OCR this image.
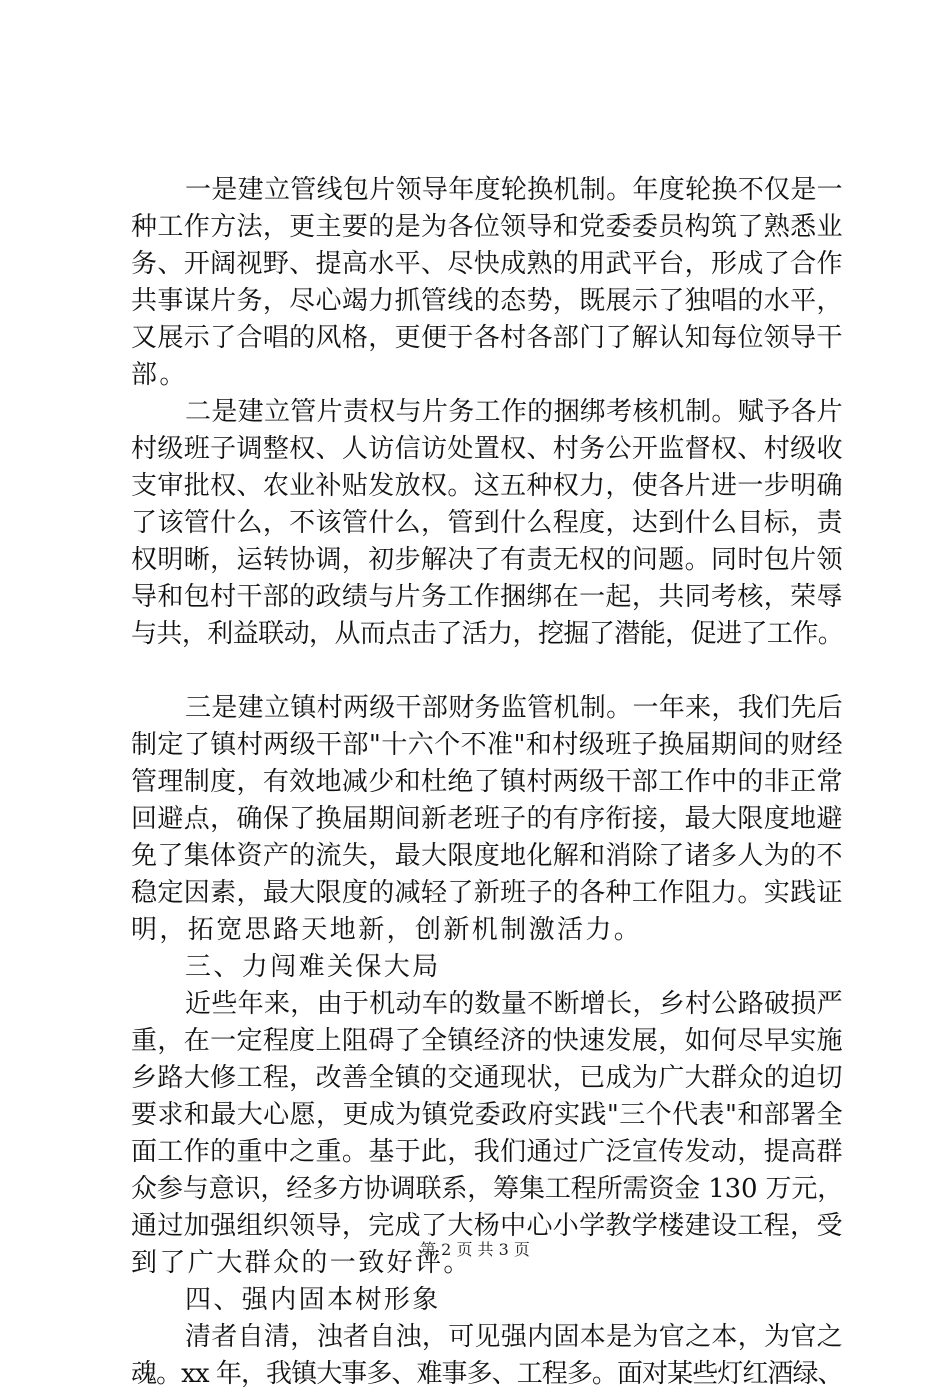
一是建立管线包片领导年度轮换机制。年度轮换不仅是一
种工作方法，更主要的是为各位领导和党委委员构筑了熟悉业
务、开阔视野、提高水平、尽快成熟的用武平台，形成了合作
共事谋片务，尽心竭力抓管线的态势，既展示了独唱的水平，
又展示了合唱的风格，更便于各村各部门了解认知每位领导干
部。
二是建立管片责权与片务工作的捆绑考核机制。赋予各片
村级班子调整权、人访信访处置权、村务公开监督权、村级收
支审批权、农业补贴发放权。这五种权力，使各片进一步明确
了该管什么，不该管什么，管到什么程度，达到什么目标，责
权明晰，运转协调，初步解决了有责无权的问题。同时包片领
导和包村干部的政绩与片务工作捆绑在一起，共同考核，荣辱
与共，利益联动，从而点击了活力，挖掘了潜能，促进了工作。
三是建立镇村两级干部财务监管机制。一年来，我们先后
制定了镇村两级干部"十六个不准"和村级班子换届期间的财经
管理制度，有效地减少和杜绝了镇村两级干部工作中的非正常
回避点，确保了换届期间新老班子的有序衔接，最大限度地避
免了集体资产的流失，最大限度地化解和消除了诸多人为的不
稳定因素，最大限度的减轻了新班子的各种工作阻力。实践证
明，拓宽思路天地新，创新机制激活力。
三、力闯难关保大局
近些年来，由于机动车的数量不断增长，乡村公路破损严
重，在一定程度上阻碍了全镇经济的快速发展，如何尽早实施
乡路大修工程，改善全镇的交通现状，已成为广大群众的迫切
要求和最大心愿，更成为镇党委政府实践"三个代表"和部署全
面工作的重中之重。基于此，我们通过广泛宣传发动，提高群
众参与意识，经多方协调联系，筹集工程所需资金 130 万元，
通过加强组织领导，完成了大杨中心小学教学楼建设工程，受
到了广大群众的一致好评。
四、强内固本树形象
清者自清，浊者自浊，可见强内固本是为官之本，为官之
魂。xx 年，我镇大事多、难事多、工程多。面对某些灯红酒绿、
第 2 页 共 3 页
